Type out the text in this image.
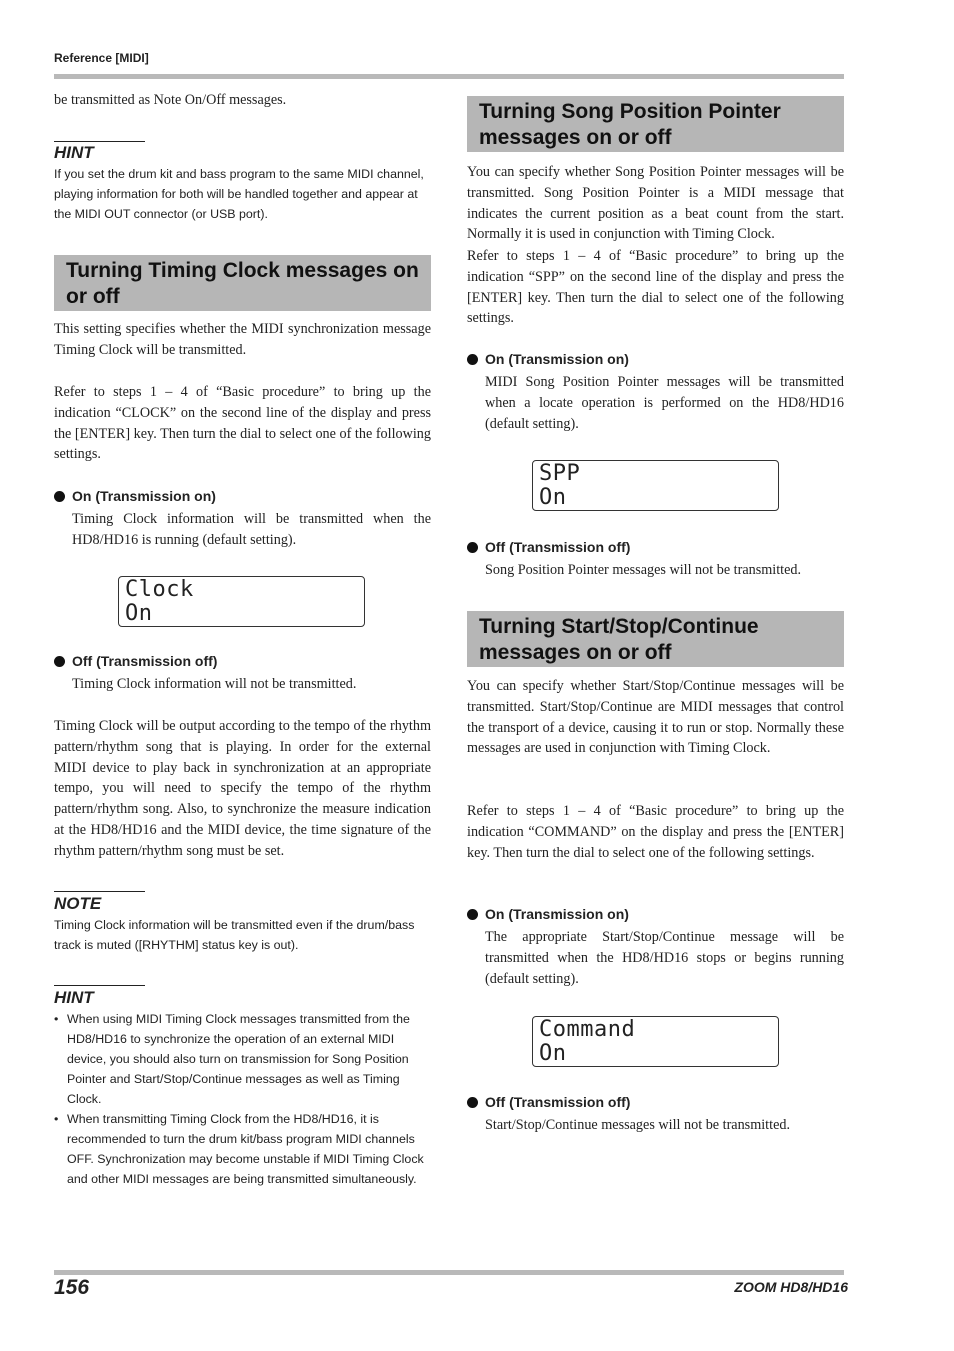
Reference [MIDI]
156	ZOOM HD8/HD16

be transmitted as Note On/Off messages.

HINT
If you set the drum kit and bass program to the same MIDI channel, playing information for both will be handled together and appear at the MIDI OUT connector (or USB port).
Turning Timing Clock messages on or off

This setting specifies whether the MIDI synchronization message Timing Clock will be transmitted.

Refer to steps 1 – 4 of “Basic procedure” to bring up the indication “CLOCK” on the second line of the display and press the [ENTER] key. Then turn the dial to select one of the following settings.

On (Transmission on)

Timing Clock information will be transmitted when the HD8/HD16 is running (default setting).

Clock
On
Off (Transmission off)

Timing Clock information will not be transmitted.

Timing Clock will be output according to the tempo of the rhythm pattern/rhythm song that is playing. In order for the external MIDI device to play back in synchronization at an appropriate tempo, you will need to specify the tempo of the rhythm pattern/rhythm song. Also, to synchronize the measure indication at the HD8/HD16 and the MIDI device, the time signature of the rhythm pattern/rhythm song must be set.

NOTE
Timing Clock information will be transmitted even if the drum/bass track is muted ([RHYTHM] status key is out).
HINT
• When using MIDI Timing Clock messages transmitted from the HD8/HD16 to synchronize the operation of an external MIDI device, you should also turn on transmission for Song Position Pointer and Start/Stop/Continue messages as well as Timing Clock.
• When transmitting Timing Clock from the HD8/HD16, it is recommended to turn the drum kit/bass program MIDI channels OFF. Synchronization may become unstable if MIDI Timing Clock and other MIDI messages are being transmitted simultaneously.
Turning Song Position Pointer messages on or off

You can specify whether Song Position Pointer messages will be transmitted. Song Position Pointer is a MIDI message that indicates the current position as a beat count from the start. Normally it is used in conjunction with Timing Clock.

Refer to steps 1 – 4 of “Basic procedure” to bring up the indication “SPP” on the second line of the display and press the [ENTER] key. Then turn the dial to select one of the following settings.

On (Transmission on)

MIDI Song Position Pointer messages will be transmitted when a locate operation is performed on the HD8/HD16 (default setting).

SPP
On
Off (Transmission off)

Song Position Pointer messages will not be transmitted.

Turning Start/Stop/Continue messages on or off

You can specify whether Start/Stop/Continue messages will be transmitted. Start/Stop/Continue are MIDI messages that control the transport of a device, causing it to run or stop. Normally these messages are used in conjunction with Timing Clock.

Refer to steps 1 – 4 of “Basic procedure” to bring up the indication “COMMAND” on the display and press the [ENTER] key. Then turn the dial to select one of the following settings.

On (Transmission on)

The appropriate Start/Stop/Continue message will be transmitted when the HD8/HD16 stops or begins running (default setting).

Command
On
Off (Transmission off)

Start/Stop/Continue messages will not be transmitted.
